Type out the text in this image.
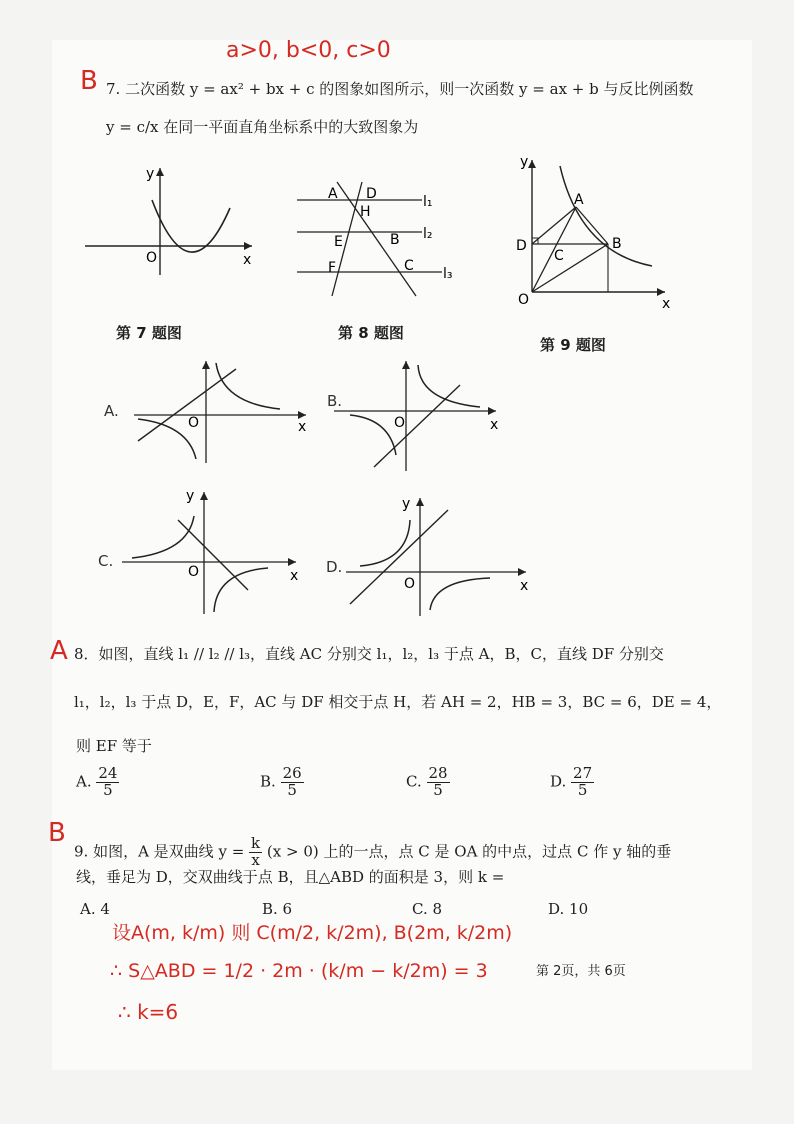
a>0, b<0, c>0
B 7. 二次函数 y = ax² + bx + c 的图象如图所示，则一次函数 y = ax + b 与反比例函数
y = c/x 在同一平面直角坐标系中的大致图象为
y
x
O
第 7 题图
A D
H
E	B
F	C
l₁
l₂
l₃
第 8 题图
y
x
O
A
D
C
B
第 9 题图
A.
O	x
B.
O	x
C.
O	x
y
D.
O	x
y
A 8．如图，直线 l₁ // l₂ // l₃，直线 AC 分别交 l₁，l₂，l₃ 于点 A，B，C，直线 DF 分别交
l₁，l₂，l₃ 于点 D，E，F，AC 与 DF 相交于点 H，若 AH = 2，HB = 3，BC = 6，DE = 4，
则 EF 等于
A. $\frac{24}{5}$	B. $\frac{26}{5}$	C. $\frac{28}{5}$	D. $\frac{27}{5}$
B
9. 如图，A 是双曲线 $y = \frac{k}{x} (x > 0)$ 上的一点，点 C 是 OA 的中点，过点 C 作 y 轴的垂
线，垂足为 D，交双曲线于点 B，且△ABD 的面积是 3，则 k =
A. 4	B. 6	C. 8	D. 10
设A(m, k/m) 则 C(m/2, k/2m), B(2m, k/2m)
∴ S△ABD = 1/2 · 2m · (k/m − k/2m) = 3
∴ k=6
第 2页，共 6页
